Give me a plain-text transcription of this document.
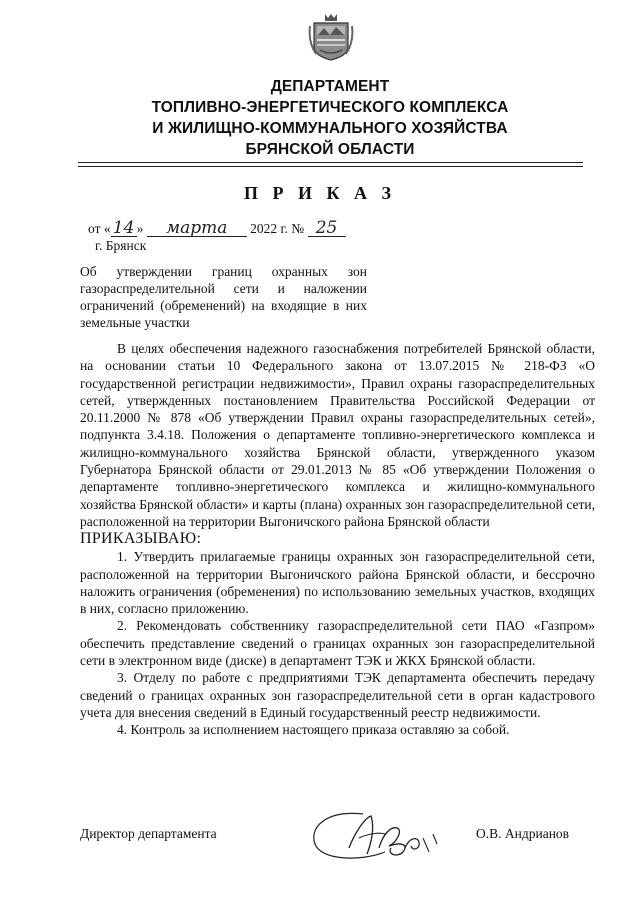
ДЕПАРТАМЕНТ
ТОПЛИВНО-ЭНЕРГЕТИЧЕСКОГО КОМПЛЕКСА
И ЖИЛИЩНО-КОММУНАЛЬНОГО ХОЗЯЙСТВА
БРЯНСКОЙ ОБЛАСТИ
П Р И К А З
от « 14 » марта 2022 г. № 25
г. Брянск
Об утверждении границ охранных зон газораспределительной сети и наложении ограничений (обременений) на входящие в них земельные участки

В целях обеспечения надежного газоснабжения потребителей Брянской области, на основании статьи 10 Федерального закона от 13.07.2015 № 218-ФЗ «О государственной регистрации недвижимости», Правил охраны газораспределительных сетей, утвержденных постановлением Правительства Российской Федерации от 20.11.2000 № 878 «Об утверждении Правил охраны газораспределительных сетей», подпункта 3.4.18. Положения о департаменте топливно-энергетического комплекса и жилищно-коммунального хозяйства Брянской области, утвержденного указом Губернатора Брянской области от 29.01.2013 № 85 «Об утверждении Положения о департаменте топливно-энергетического комплекса и жилищно-коммунального хозяйства Брянской области» и карты (плана) охранных зон газораспределительной сети, расположенной на территории Выгоничского района Брянской области

ПРИКАЗЫВАЮ:

1. Утвердить прилагаемые границы охранных зон газораспределительной сети, расположенной на территории Выгоничского района Брянской области, и бессрочно наложить ограничения (обременения) по использованию земельных участков, входящих в них, согласно приложению.

2. Рекомендовать собственнику газораспределительной сети ПАО «Газпром» обеспечить представление сведений о границах охранных зон газораспределительной сети в электронном виде (диске) в департамент ТЭК и ЖКХ Брянской области.

3. Отделу по работе с предприятиями ТЭК департамента обеспечить передачу сведений о границах охранных зон газораспределительной сети в орган кадастрового учета для внесения сведений в Единый государственный реестр недвижимости.

4. Контроль за исполнением настоящего приказа оставляю за собой.

Директор департамента	О.В. Андрианов
